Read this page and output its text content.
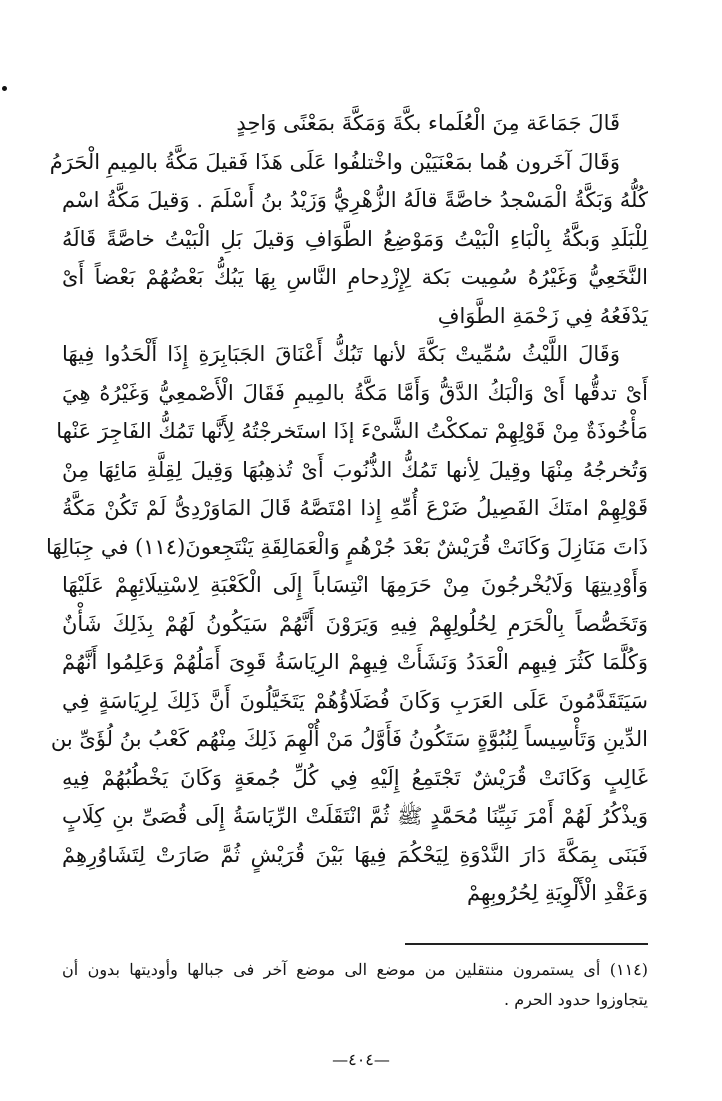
قَالَ جَمَاعَة مِنَ الْعُلَماء بكَّةَ وَمَكَّةَ بمَعْنًى وَاحِدٍ
وَقَالَ آخَرون هُما بمَعْنَيَيْن واخْتلفُوا عَلَى هَذَا فَقيلَ مَكَّةُ بالمِيمِ الْحَرَمُ
كُلُّهُ وَبَكَّةُ الْمَسْجدُ خاصَّةً قالَهُ الزُّهْرِيُّ وَزَيْدُ بنُ أَسْلَمَ . وَقيلَ مَكَّةُ اسْم
لِلْبَلَدِ وَبكَّةُ بِالْبَاءِ الْبَيْتُ وَمَوْضِعُ الطَّوَافِ وَقيلَ بَلِ الْبَيْتُ خاصَّةً قَالَهُ
النَّخَعِيُّ وَغَيْرُهُ سُمِيت بَكة لِإِزْدِحامِ النَّاسِ بِهَا يَبُكُّ بَعْضُهُمْ بَعْضاً أَىْ
يَدْفَعُهُ فِي زَحْمَةِ الطَّوَافِ
وَقَالَ اللَّيْثُ سُمِّيتْ بَكَّةَ لأنها تَبُكُّ أَعْنَاقَ الجَبَابِرَةِ إِذَا أَلْحَدُوا فِيهَا
أَىْ تدقُّها أَىْ وَالْبَكُ الدَّقُّ وَأَمَّا مَكَّةُ بالمِيمِ فَقَالَ الْأَصْمعِيُّ وَغَيْرُهُ هِيَ
مَأْخُوذَةٌ مِنْ قَوْلِهِمْ تمككْتُ الشَّىْءَ إذَا استَخرجْتُهُ لِأَنَّها تَمُكُّ الفَاجِرَ عَنْها
وَتُخرجُهُ مِنْهَا وقِيلَ لِأنها تَمُكُّ الذُّنُوبَ أَىْ تُذهِبُهَا وَقِيلَ لِقِلَّةِ مَائِهَا مِنْ
قَوْلِهِمْ امتَكَ الفَصِيلُ ضَرْعَ أُمِّهِ إِذا امْتَصَّهُ قَالَ المَاوَرْدِىُّ لَمْ تَكُنْ مَكَّةُ
ذَاتَ مَنَازِلَ وَكَانَتْ قُرَيْشٌ بَعْدَ جُرْهُمٍ وَالْعَمَالِقَةِ يَنْتَجِعونَ(١١٤) في جِبَالِهَا
وَأَوْدِيتِهَا وَلَايُخْرجُونَ مِنْ حَرَمِهَا انْتِسَاباً إِلَى الْكَعْبَةِ لِاسْتِيلَائِهِمْ عَلَيْهَا
وَتَخَصُّصاً بِالْحَرَمِ لِحُلُولِهِمْ فِيهِ وَيَرَوْنَ أَنَّهُمْ سَيَكُونُ لَهُمْ بِذَلِكَ شَأْنٌ
وَكُلَّمَا كَثُرَ فِيهِم الْعَدَدُ وَنَشَأَتْ فِيهِمْ الرِيَاسَةُ قَوِىَ أَمَلُهُمْ وَعَلِمُوا أَنَّهُمْ
سَيَتَقَدَّمُونَ عَلَى العَرَبِ وَكَانَ فُضَلَاؤُهُمْ يَتَخَيَّلُونَ أَنَّ ذَلِكَ لِرِيَاسَةٍ فِي
الدِّينِ وَتَأْسِيساً لِنُبُوَّةٍ سَتَكُونُ فَأَوَّلُ مَنْ أُلْهِمَ ذَلِكَ مِنْهُم كَعْبُ بنُ لُؤَىِّ بن
غَالِبٍ وَكَانَتْ قُرَيْشٌ تَجْتَمِعُ إِلَيْهِ فِي كُلِّ جُمعَةٍ وَكَانَ يَخْطُبُهُمْ فِيهِ
وَيذْكُرُ لَهُمْ أَمْرَ نَبِيِّنَا مُحَمَّدٍ ﷺ ثُمَّ انْتَقَلَتْ الرِّيَاسَةُ إِلَى قُصَىِّ بنِ كِلَابٍ
فَبَنَى بِمَكَّةَ دَارَ النَّدْوَةِ لِيَحْكُمَ فِيهَا بَيْنَ قُرَيْشٍ ثُمَّ صَارَتْ لِتَشَاوُرِهِمْ
وَعَقْدِ الْأَلْوِيَةِ لِحُرُوبِهِمْ
(١١٤) أى يستمرون منتقلين من موضع الى موضع آخر فى جبالها وأوديتها بدون أن
يتجاوزوا حدود الحرم .
—٤٠٤—
